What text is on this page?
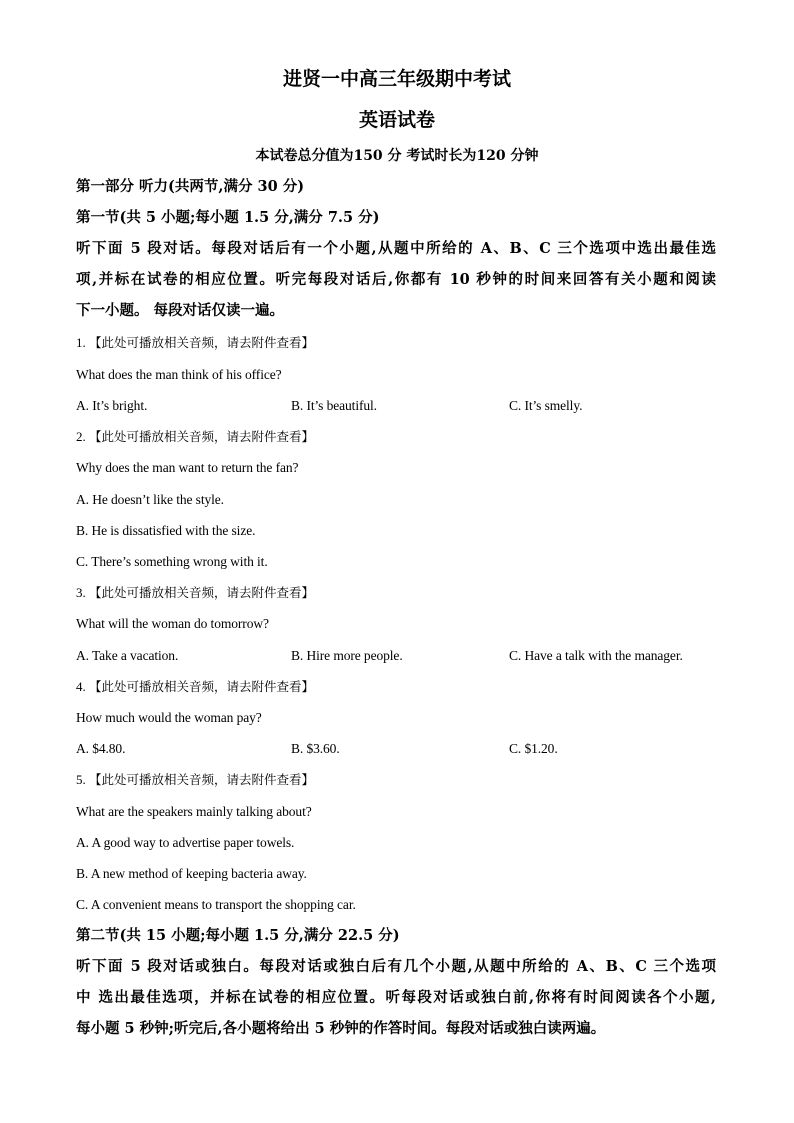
进贤一中高三年级期中考试
英语试卷
本试卷总分值为150 分 考试时长为120 分钟
第一部分 听力(共两节,满分 30 分)
第一节(共 5 小题;每小题 1.5 分,满分 7.5 分)
听下面 5 段对话。每段对话后有一个小题,从题中所给的 A、B、C 三个选项中选出最佳选
项,并标在试卷的相应位置。听完每段对话后,你都有 10 秒钟的时间来回答有关小题和阅读
下一小题。 每段对话仅读一遍。
1. 【此处可播放相关音频，请去附件查看】
What does the man think of his office?
A. It’s bright.	B. It’s beautiful.	C. It’s smelly.
2. 【此处可播放相关音频，请去附件查看】
Why does the man want to return the fan?
A. He doesn’t like the style.
B. He is dissatisfied with the size.
C. There’s something wrong with it.
3. 【此处可播放相关音频，请去附件查看】
What will the woman do tomorrow?
A. Take a vacation.	B. Hire more people.	C. Have a talk with the manager.
4. 【此处可播放相关音频，请去附件查看】
How much would the woman pay?
A. $4.80.	B. $3.60.	C. $1.20.
5. 【此处可播放相关音频，请去附件查看】
What are the speakers mainly talking about?
A. A good way to advertise paper towels.
B. A new method of keeping bacteria away.
C. A convenient means to transport the shopping car.
第二节(共 15 小题;每小题 1.5 分,满分 22.5 分)
听下面 5 段对话或独白。每段对话或独白后有几个小题,从题中所给的 A、B、C 三个选项
中 选出最佳选项，并标在试卷的相应位置。听每段对话或独白前,你将有时间阅读各个小题,
每小题 5 秒钟;听完后,各小题将给出 5 秒钟的作答时间。每段对话或独白读两遍。
